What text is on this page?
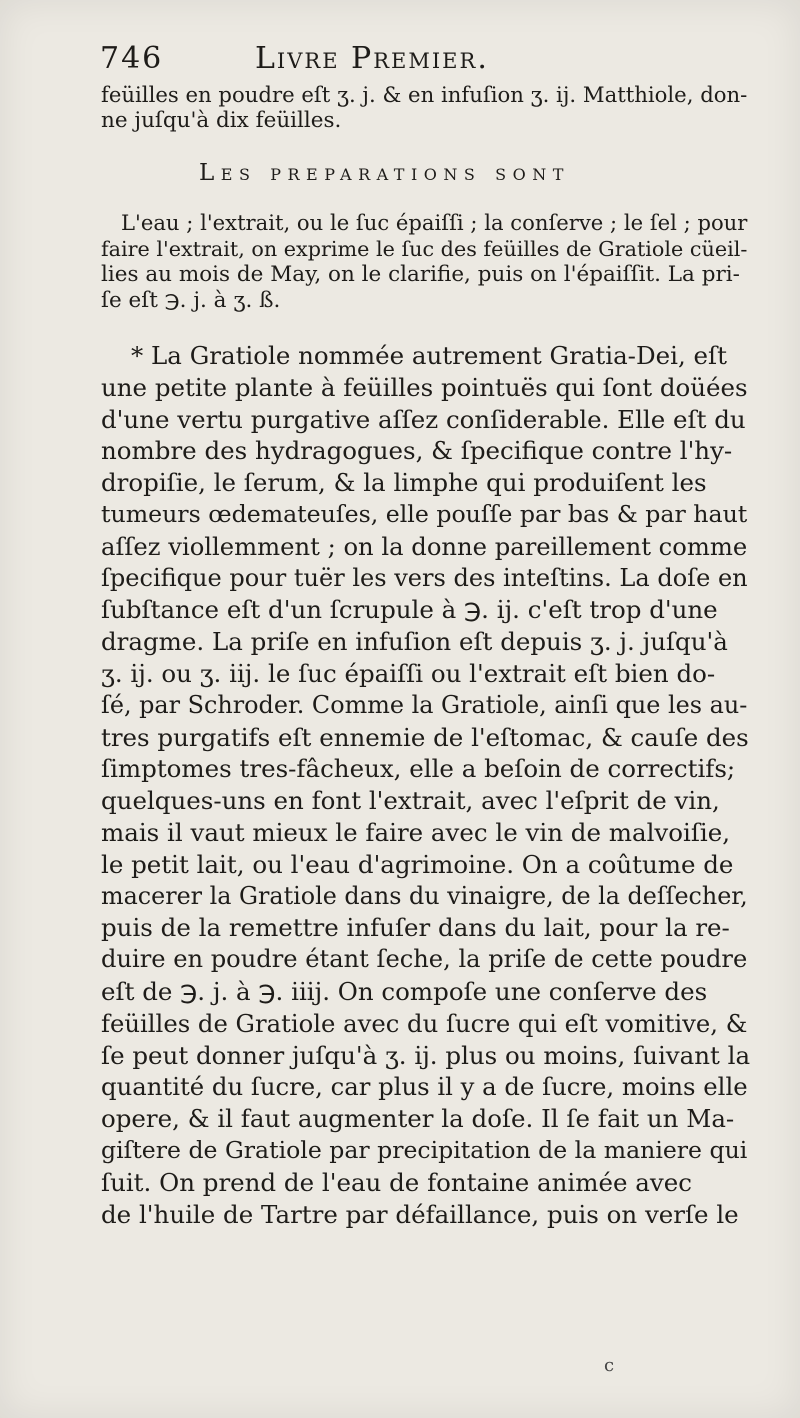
746	Livre Premier.
feüilles en poudre eſt ʒ. j. & en infuſion ʒ. ij. Matthiole, don-
ne juſqu'à dix feüilles.
Les preparations sont
L'eau ; l'extrait, ou le ſuc épaiſſi ; la conſerve ; le ſel ; pour
faire l'extrait, on exprime le ſuc des feüilles de Gratiole cüeil-
lies au mois de May, on le clarifie, puis on l'épaiſſit. La pri-
ſe eſt ℈. j. à ʒ. ß.
* La Gratiole nommée autrement Gratia-Dei, eſt
une petite plante à feüilles pointuës qui ſont doüées
d'une vertu purgative aſſez conſiderable. Elle eſt du
nombre des hydragogues, & ſpecifique contre l'hy-
dropiſie, le ſerum, & la limphe qui produiſent les
tumeurs œdemateuſes, elle pouſſe par bas & par haut
aſſez viollemment ; on la donne pareillement comme
ſpecifique pour tuër les vers des inteſtins. La doſe en
ſubſtance eſt d'un ſcrupule à ℈. ij. c'eſt trop d'une
dragme. La priſe en infuſion eſt depuis ʒ. j. juſqu'à
ʒ. ij. ou ʒ. iij. le ſuc épaiſſi ou l'extrait eſt bien do-
ſé, par Schroder. Comme la Gratiole, ainſi que les au-
tres purgatifs eſt ennemie de l'eſtomac, & cauſe des
ſimptomes tres-fâcheux, elle a beſoin de correctifs;
quelques-uns en font l'extrait, avec l'eſprit de vin,
mais il vaut mieux le faire avec le vin de malvoiſie,
le petit lait, ou l'eau d'agrimoine. On a coûtume de
macerer la Gratiole dans du vinaigre, de la deſſecher,
puis de la remettre infuſer dans du lait, pour la re-
duire en poudre étant ſeche, la priſe de cette poudre
eſt de ℈. j. à ℈. iiij. On compoſe une conſerve des
feüilles de Gratiole avec du ſucre qui eſt vomitive, &
ſe peut donner juſqu'à ʒ. ij. plus ou moins, ſuivant la
quantité du ſucre, car plus il y a de ſucre, moins elle
opere, & il faut augmenter la doſe. Il ſe fait un Ma-
giſtere de Gratiole par precipitation de la maniere qui
ſuit. On prend de l'eau de fontaine animée avec
de l'huile de Tartre par défaillance, puis on verſe le
c
